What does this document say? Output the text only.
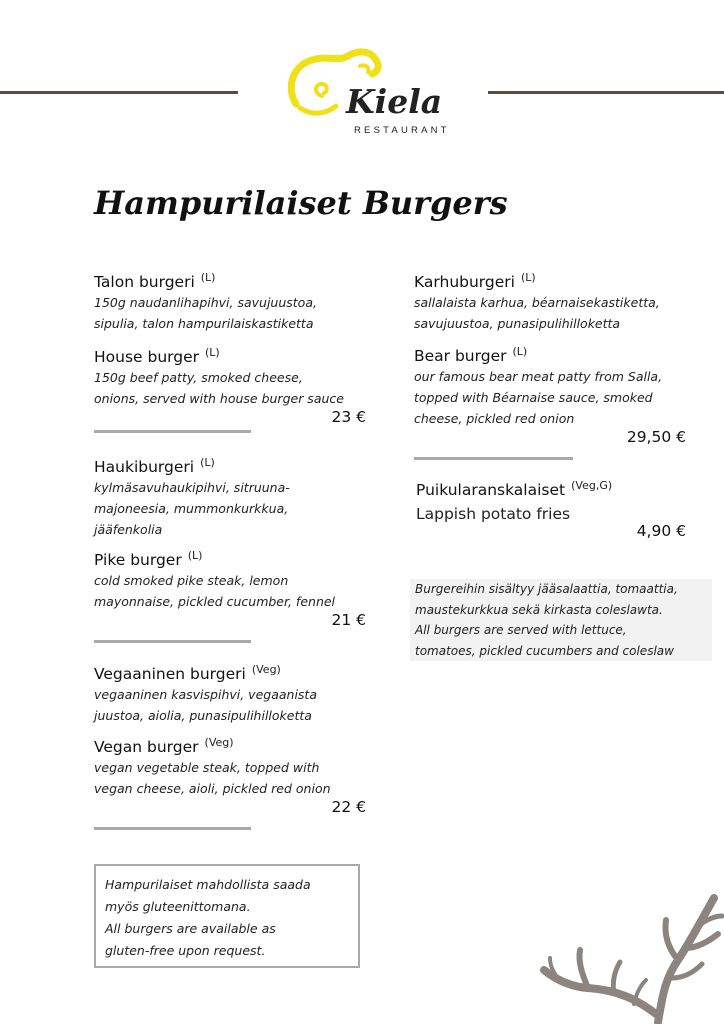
Kiela
RESTAURANT
Hampurilaiset Burgers
Talon burgeri $^{(L)}$
150g naudanlihapihvi, savujuustoa,
sipulia, talon hampurilaiskastiketta
House burger $^{(L)}$
150g beef patty, smoked cheese,
onions, served with house burger sauce
23 €
Haukiburgeri $^{(L)}$
kylmäsavuhaukipihvi, sitruuna-
majoneesia, mummonkurkkua,
jääfenkolia
Pike burger $^{(L)}$
cold smoked pike steak, lemon
mayonnaise, pickled cucumber, fennel
21 €
Vegaaninen burgeri $^{(Veg)}$
vegaaninen kasvispihvi, vegaanista
juustoa, aiolia, punasipulihilloketta
Vegan burger $^{(Veg)}$
vegan vegetable steak, topped with
vegan cheese, aioli, pickled red onion
22 €
Hampurilaiset mahdollista saada
myös gluteenittomana.
All burgers are available as
gluten-free upon request.
Karhuburgeri $^{(L)}$
sallalaista karhua, béarnaisekastiketta,
savujuustoa, punasipulihilloketta
Bear burger $^{(L)}$
our famous bear meat patty from Salla,
topped with Béarnaise sauce, smoked
cheese, pickled red onion
29,50 €
Puikularanskalaiset $^{(Veg,G)}$
Lappish potato fries
4,90 €
Burgereihin sisältyy jääsalaattia, tomaattia,
maustekurkkua sekä kirkasta coleslawta.
All burgers are served with lettuce,
tomatoes, pickled cucumbers and coleslaw
